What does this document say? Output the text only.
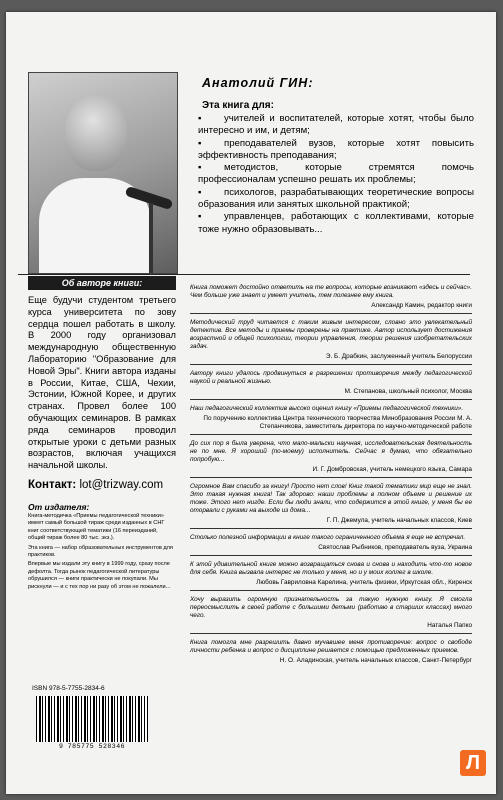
Анатолий ГИН:
Эта книга для:
▪ учителей и воспитателей, которые хотят, чтобы было интересно и им, и детям;
▪ преподавателей вузов, которые хотят повысить эффективность преподавания;
▪ методистов, которые стремятся помочь профессионалам успешно решать их проблемы;
▪ психологов, разрабатывающих теоретические вопросы образования или занятых школьной практикой;
▪ управленцев, работающих с коллективами, которые тоже нужно образовывать...
Об авторе книги:
Еще будучи студентом третьего курса университета по зову сердца пошел работать в школу. В 2000 году организовал международную общественную Лабораторию "Образование для Новой Эры". Книги автора изданы в России, Китае, США, Чехии, Эстонии, Южной Корее, и других странах. Провел более 100 обучающих семинаров. В рамках ряда семинаров проводил открытые уроки с детьми разных возрастов, включая учащихся начальной школы.
Контакт: lot@trizway.com
От издателя:

Книга-методичка «Приемы педагогической техники» имеет самый большой тираж среди изданных в СНГ книг соответствующей тематики (16 переизданий, общий тираж более 80 тыс. экз.).

Эта книга — набор образовательных инструментов для практиков.

Впервые мы издали эту книгу в 1999 году, сразу после дефолта. Тогда рынок педагогической литературы обрушился — книги практически не покупали. Мы рискнули — и с тех пор ни разу об этом не пожалели...

ISBN 978-5-7755-2834-6
9 785775 528346
Книга поможет достойно ответить на те вопросы, которые возникают «здесь и сейчас». Чем больше уже знает и умеет учитель, тем полезнее ему книга.
Александр Камин, редактор книги
Методический труд читается с таким живым интересом, словно это увлекательный детектив. Все методы и приемы проверены на практике. Автор использует достижения возрастной и общей психологии, теории управления, теории решения изобретательских задач.
Э. Б. Драбкин, заслуженный учитель Белоруссии
Автору книги удалось продвинуться в разрешении противоречия между педагогической наукой и реальной жизнью.
М. Степанова, школьный психолог, Москва
Наш педагогический коллектив высоко оценил книгу «Приемы педагогической техники».
По поручению коллектива Центра технического творчества Минобразования России М. А. Степанчикова, заместитель директора по научно-методической работе
До сих пор я была уверена, что мало-мальски научная, исследовательская деятельность не по мне. Я хороший (по-моему) исполнитель. Сейчас я думаю, что обязательно попробую...
И. Г. Домбровская, учитель немецкого языка, Самара
Огромное Вам спасибо за книгу! Просто нет слов! Книг такой тематики мир еще не знал. Это такая нужная книга! Так здорово: наши проблемы в полном объеме и решение их тоже. Этого нет нигде. Если бы люди знали, что содержится в этой книге, у меня бы ее оторвали с руками на выходе из дома...
Г. П. Джемула, учитель начальных классов, Киев
Столько полезной информации в книге такого ограниченного объема я еще не встречал.
Святослав Рыбников, преподаватель вуза, Украина
К этой удивительной книге можно возвращаться снова и снова и находить что-то новое для себя. Книга вызвала интерес не только у меня, но и у моих коллег в школе.
Любовь Гавриловна Карелина, учитель физики, Иркутская обл., Киренск
Хочу выразить огромную признательность за такую нужную книгу. Я смогла переосмыслить в своей работе с большими детьми (работаю в старших классах) много чего.
Наталья Папко
Книга помогла мне разрешить давно мучавшее меня противоречие: вопрос о свободе личности ребенка и вопрос о дисциплине решается с помощью предложенных приемов.
Н. О. Аладинская, учитель начальных классов, Санкт-Петербург
Л
